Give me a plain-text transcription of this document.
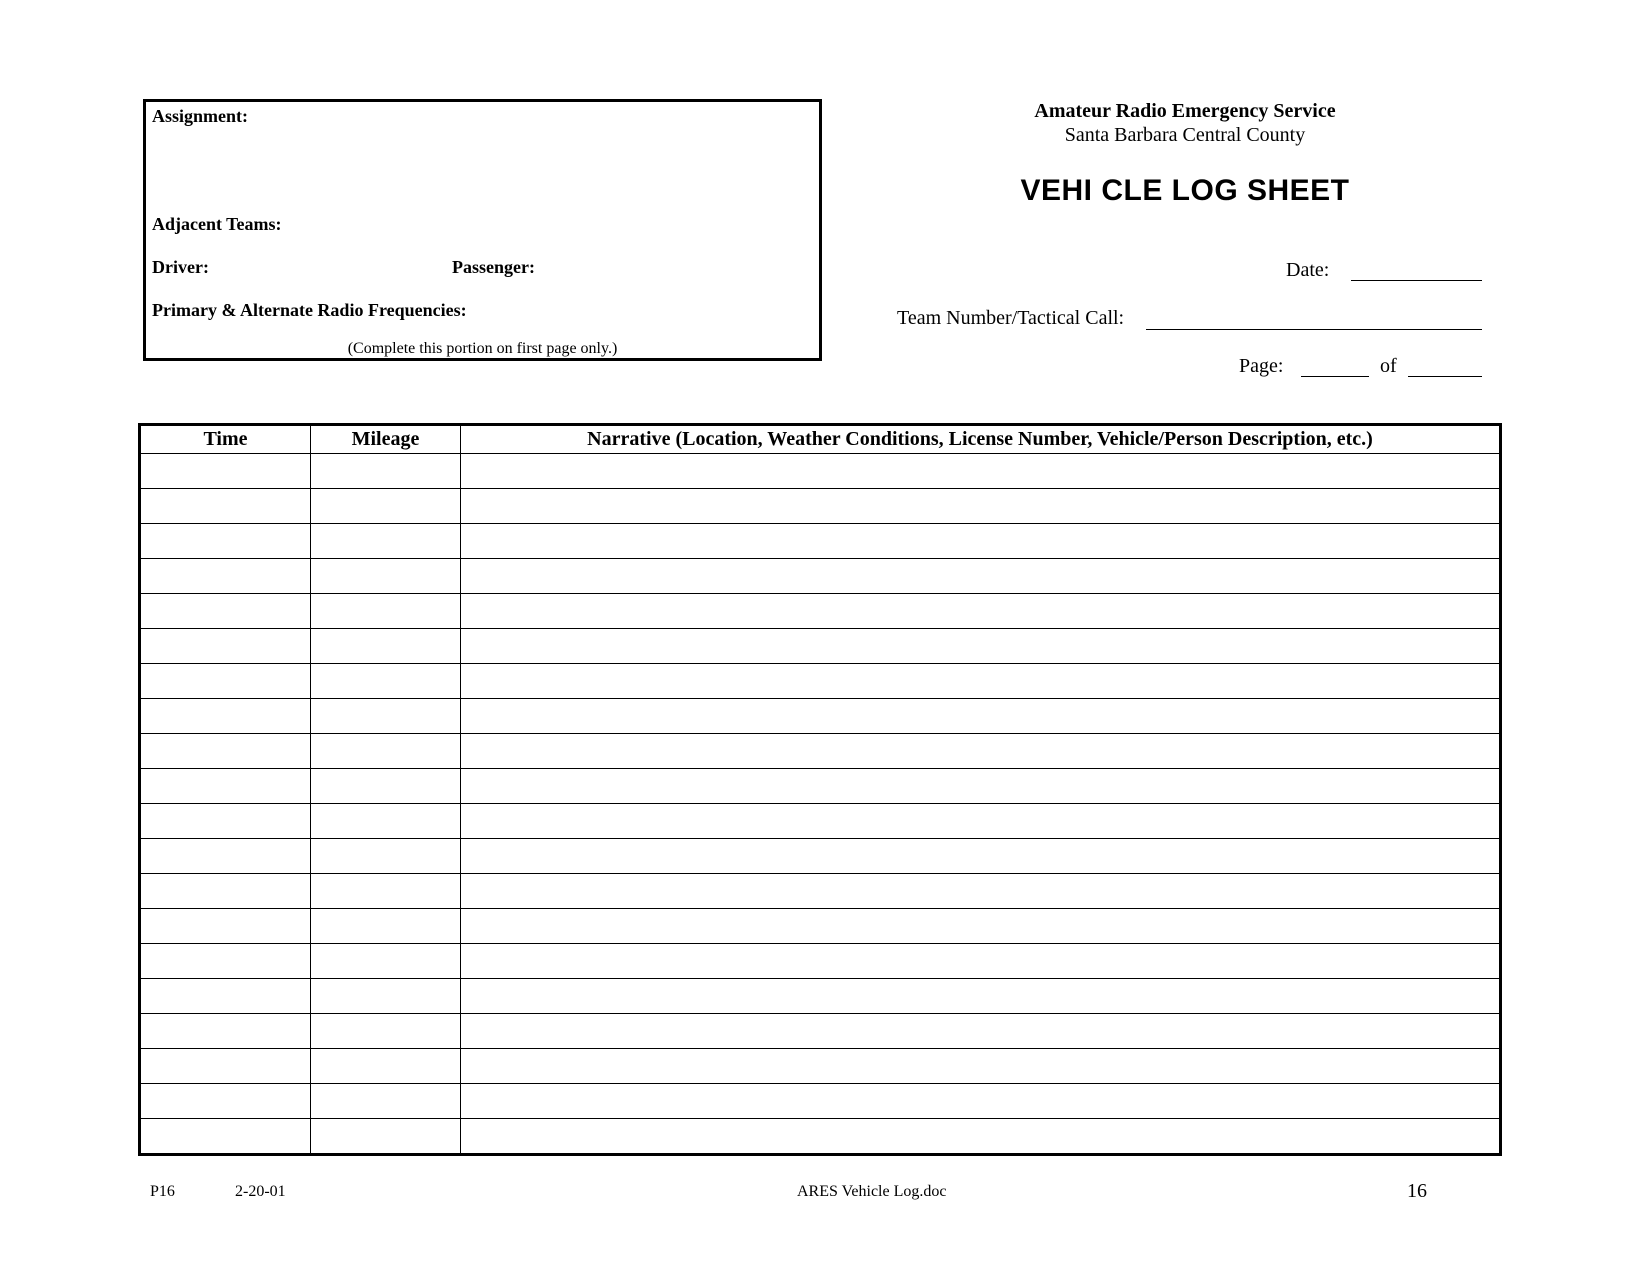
Assignment:
Adjacent Teams:
Driver:	Passenger:
Primary & Alternate Radio Frequencies:
(Complete this portion on first page only.)
Amateur Radio Emergency Service
Santa Barbara Central County
VEHI CLE LOG SHEET
Date:
Team Number/Tactical Call:
Page:	of
Time	Mileage	Narrative (Location, Weather Conditions, License Number, Vehicle/Person Description, etc.)

P16	2-20-01	ARES Vehicle Log.doc	16
